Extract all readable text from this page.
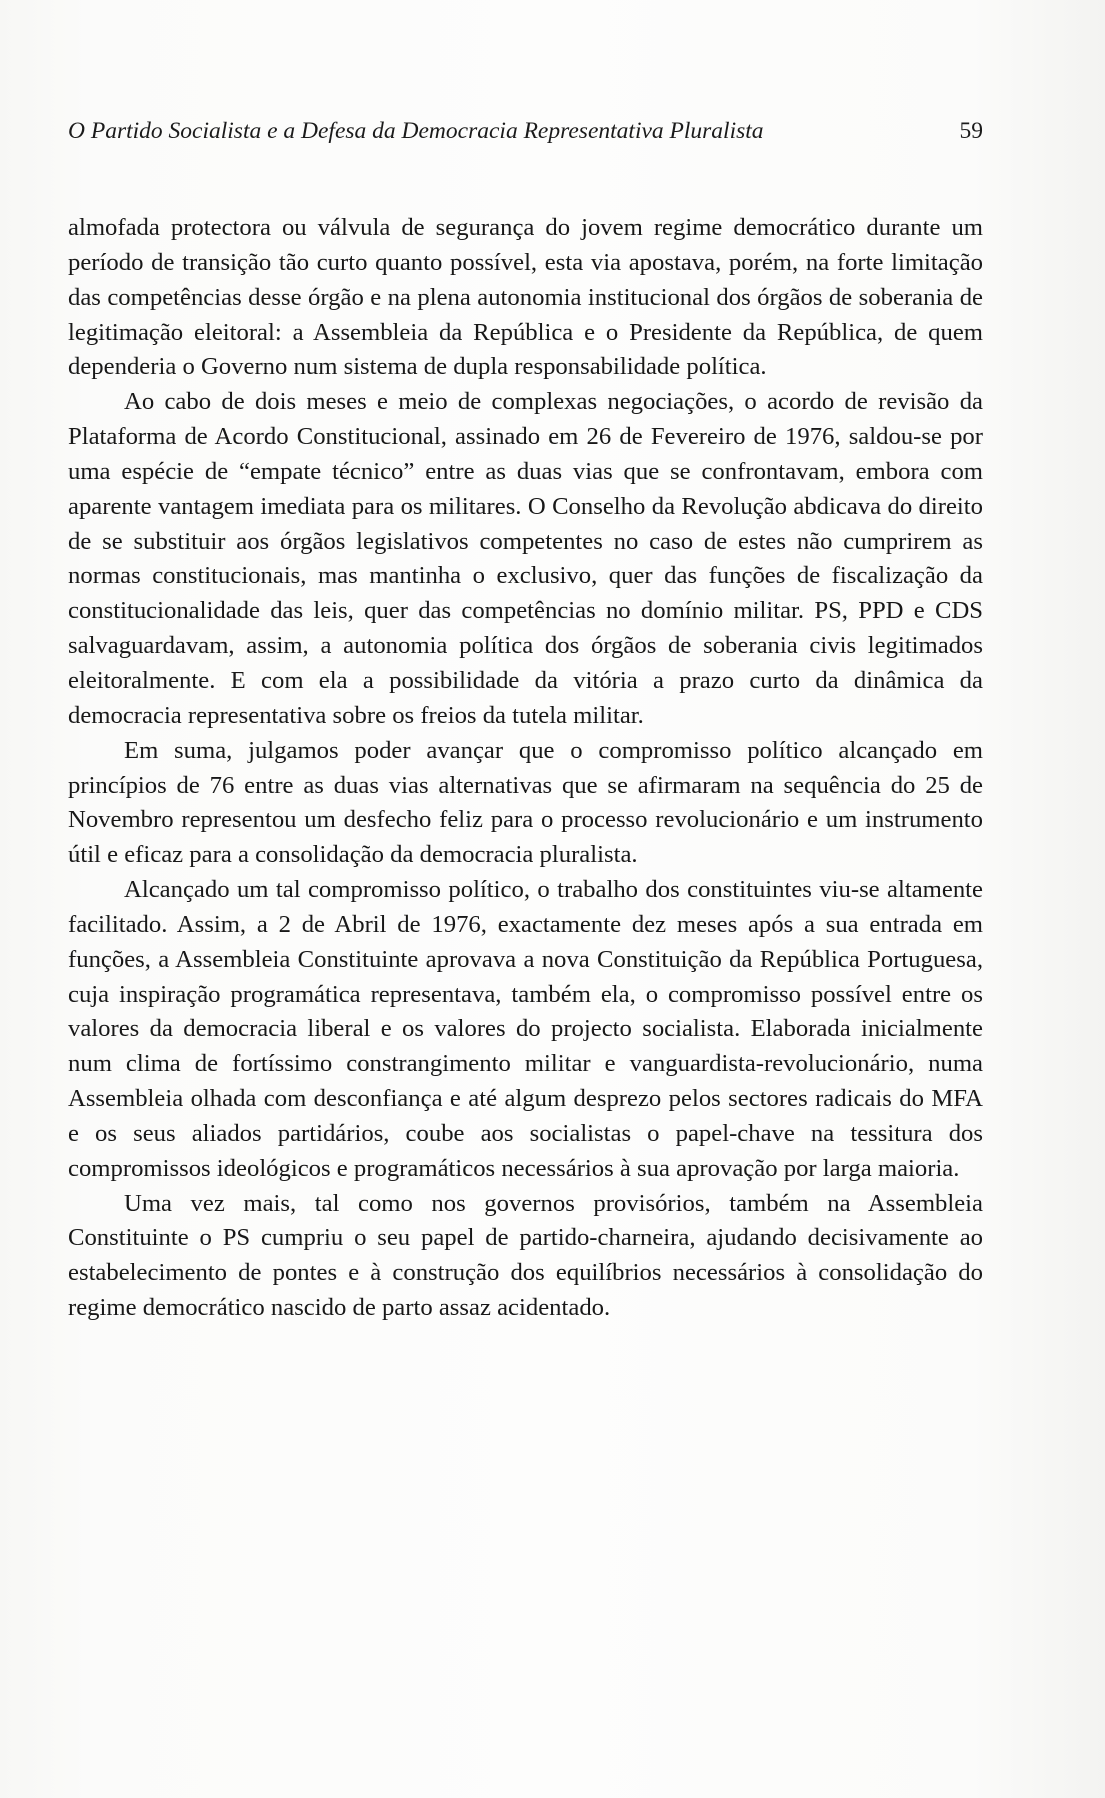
O Partido Socialista e a Defesa da Democracia Representativa Pluralista	59

almofada protectora ou válvula de segurança do jovem regime democrático durante um período de transição tão curto quanto possível, esta via apostava, porém, na forte limitação das competências desse órgão e na plena autonomia institucional dos órgãos de soberania de legitimação eleitoral: a Assembleia da República e o Presidente da República, de quem dependeria o Governo num sistema de dupla responsabilidade política.

Ao cabo de dois meses e meio de complexas negociações, o acordo de revisão da Plataforma de Acordo Constitucional, assinado em 26 de Fevereiro de 1976, saldou-se por uma espécie de “empate técnico” entre as duas vias que se confrontavam, embora com aparente vantagem imediata para os militares. O Conselho da Revolução abdicava do direito de se substituir aos órgãos legislativos competentes no caso de estes não cumprirem as normas constitucionais, mas mantinha o exclusivo, quer das funções de fiscalização da constitucionalidade das leis, quer das competências no domínio militar. PS, PPD e CDS salvaguardavam, assim, a autonomia política dos órgãos de soberania civis legitimados eleitoralmente. E com ela a possibilidade da vitória a prazo curto da dinâmica da democracia representativa sobre os freios da tutela militar.

Em suma, julgamos poder avançar que o compromisso político alcançado em princípios de 76 entre as duas vias alternativas que se afirmaram na sequência do 25 de Novembro representou um desfecho feliz para o processo revolucionário e um instrumento útil e eficaz para a consolidação da democracia pluralista.

Alcançado um tal compromisso político, o trabalho dos constituintes viu-se altamente facilitado. Assim, a 2 de Abril de 1976, exactamente dez meses após a sua entrada em funções, a Assembleia Constituinte aprovava a nova Constituição da República Portuguesa, cuja inspiração programática representava, também ela, o compromisso possível entre os valores da democracia liberal e os valores do projecto socialista. Elaborada inicialmente num clima de fortíssimo constrangimento militar e vanguardista-revolucionário, numa Assembleia olhada com desconfiança e até algum desprezo pelos sectores radicais do MFA e os seus aliados partidários, coube aos socialistas o papel-chave na tessitura dos compromissos ideológicos e programáticos necessários à sua aprovação por larga maioria.

Uma vez mais, tal como nos governos provisórios, também na Assembleia Constituinte o PS cumpriu o seu papel de partido-charneira, ajudando decisivamente ao estabelecimento de pontes e à construção dos equilíbrios necessários à consolidação do regime democrático nascido de parto assaz acidentado.
